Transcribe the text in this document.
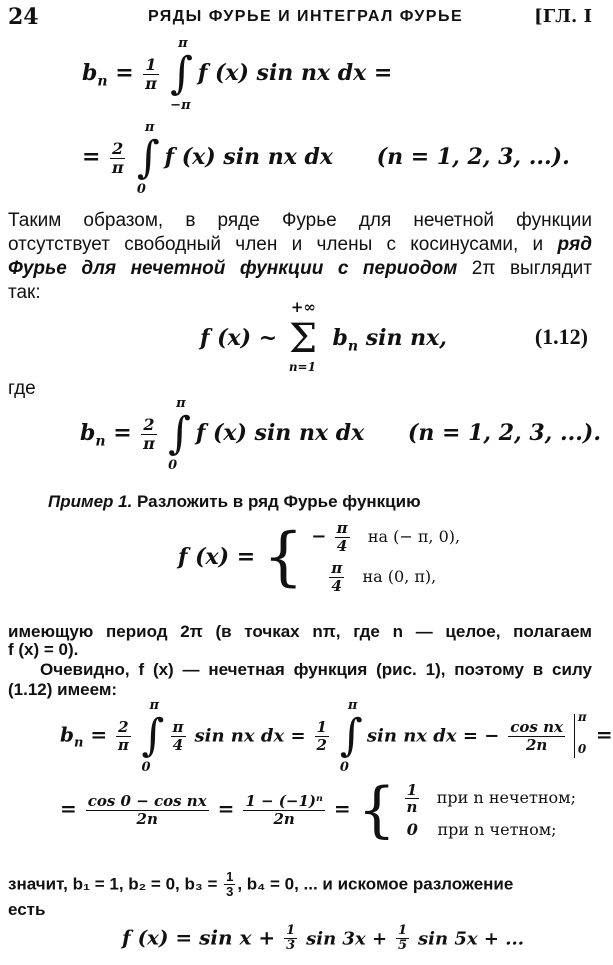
24	РЯДЫ ФУРЬЕ И ИНТЕГРАЛ ФУРЬЕ	[ГЛ. I
$b_n = \frac{1}{\pi}$

π
∫
−π
f (x) sin nx dx =
= $\frac{2}{\pi}$

π
∫
0
f (x) sin nx dx (n = 1, 2, 3, ...).
Таким образом, в ряде Фурье для нечетной функции
отсутствует свободный член и члены с косинусами, и ряд
Фурье для нечетной функции с периодом 2π выглядит
так:
f (x) ~
+∞
Σ
n=1
$b_n$ sin nx,	(1.12)
где
$b_n = \frac{2}{\pi}$

π
∫
0
f (x) sin nx dx (n = 1, 2, 3, ...).
Пример 1. Разложить в ряд Фурье функцию
f (x) = { − $\frac{\pi}{4}$ на (− π, 0),
$\frac{\pi}{4}$ на (0, π),
имеющую период 2π (в точках nπ, где n — целое, полагаем
f (x) = 0).
Очевидно, f (x) — нечетная функция (рис. 1), поэтому в силу
(1.12) имеем:
$b_n = \frac{2}{\pi}$

π
∫
0

$\frac{\pi}{4}$ sin nx dx = $\frac{1}{2}$

π
∫
0
sin nx dx = − $\frac{\text{cos nx}}{2n}$

π
0
=
= $\frac{\text{cos 0 − cos nx}}{2n} = \frac{\text{1 − (−1)ⁿ}}{2n}$ = { $\frac{1}{n}$ при n нечетном;
0 при n четном;
значит, b₁ = 1, b₂ = 0, $b_3 = \frac{1}{3}$ , b₄ = 0, ... и искомое разложение
есть
f $(x) = \sin x + \frac{1}{3}$ $\sin 3x + \frac{1}{5}$ sin 5x + ...
